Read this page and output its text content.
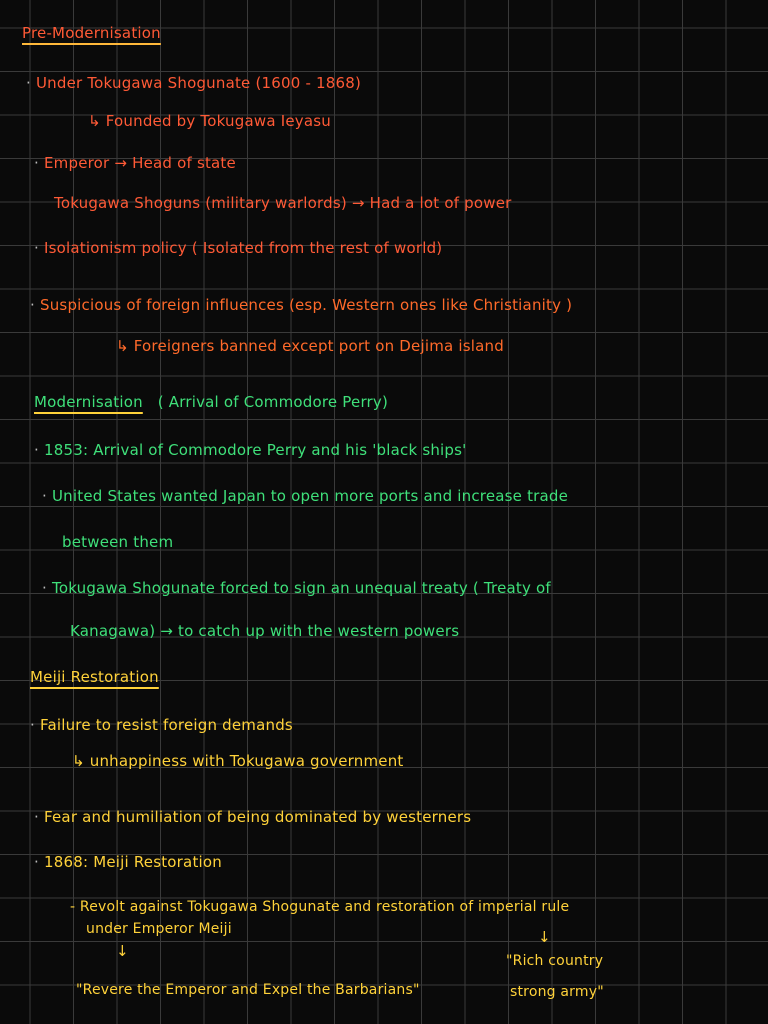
Pre-Modernisation
· Under Tokugawa Shogunate (1600 - 1868)
↳ Founded by Tokugawa Ieyasu
· Emperor → Head of state
Tokugawa Shoguns (military warlords) → Had a lot of power
· Isolationism policy ( Isolated from the rest of world)
· Suspicious of foreign influences (esp. Western ones like Christianity )
↳ Foreigners banned except port on Dejima island
Modernisation ( Arrival of Commodore Perry)
· 1853: Arrival of Commodore Perry and his 'black ships'
· United States wanted Japan to open more ports and increase trade
between them
· Tokugawa Shogunate forced to sign an unequal treaty ( Treaty of
Kanagawa) → to catch up with the western powers
Meiji Restoration
· Failure to resist foreign demands
↳ unhappiness with Tokugawa government
· Fear and humiliation of being dominated by westerners
· 1868: Meiji Restoration
- Revolt against Tokugawa Shogunate and restoration of imperial rule
under Emperor Meiji
↓
↓
"Rich country
"Revere the Emperor and Expel the Barbarians"	strong army"
